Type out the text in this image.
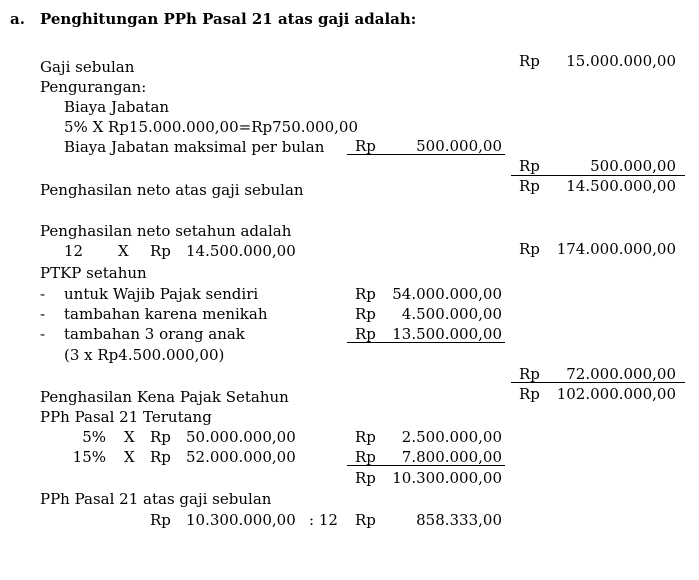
a. Penghitungan PPh Pasal 21 atas gaji adalah:
Gaji sebulan	Rp	15.000.000,00
Pengurangan:
Biaya Jabatan
5% X Rp15.000.000,00=Rp750.000,00
Biaya Jabatan maksimal per bulan Rp	500.000,00
Rp	500.000,00
Penghasilan neto atas gaji sebulan	Rp	14.500.000,00
Penghasilan neto setahun adalah
12 X Rp 14.500.000,00	Rp	174.000.000,00
PTKP setahun
- untuk Wajib Pajak sendiri	Rp	54.000.000,00
- tambahan karena menikah	Rp	4.500.000,00
- tambahan 3 orang anak	Rp	13.500.000,00
(3 x Rp4.500.000,00)
Rp	72.000.000,00
Penghasilan Kena Pajak Setahun	Rp	102.000.000,00
PPh Pasal 21 Terutang
5% X Rp 50.000.000,00	Rp	2.500.000,00
15% X Rp 52.000.000,00	Rp	7.800.000,00
Rp	10.300.000,00
PPh Pasal 21 atas gaji sebulan
Rp 10.300.000,00 : 12 Rp	858.333,00
